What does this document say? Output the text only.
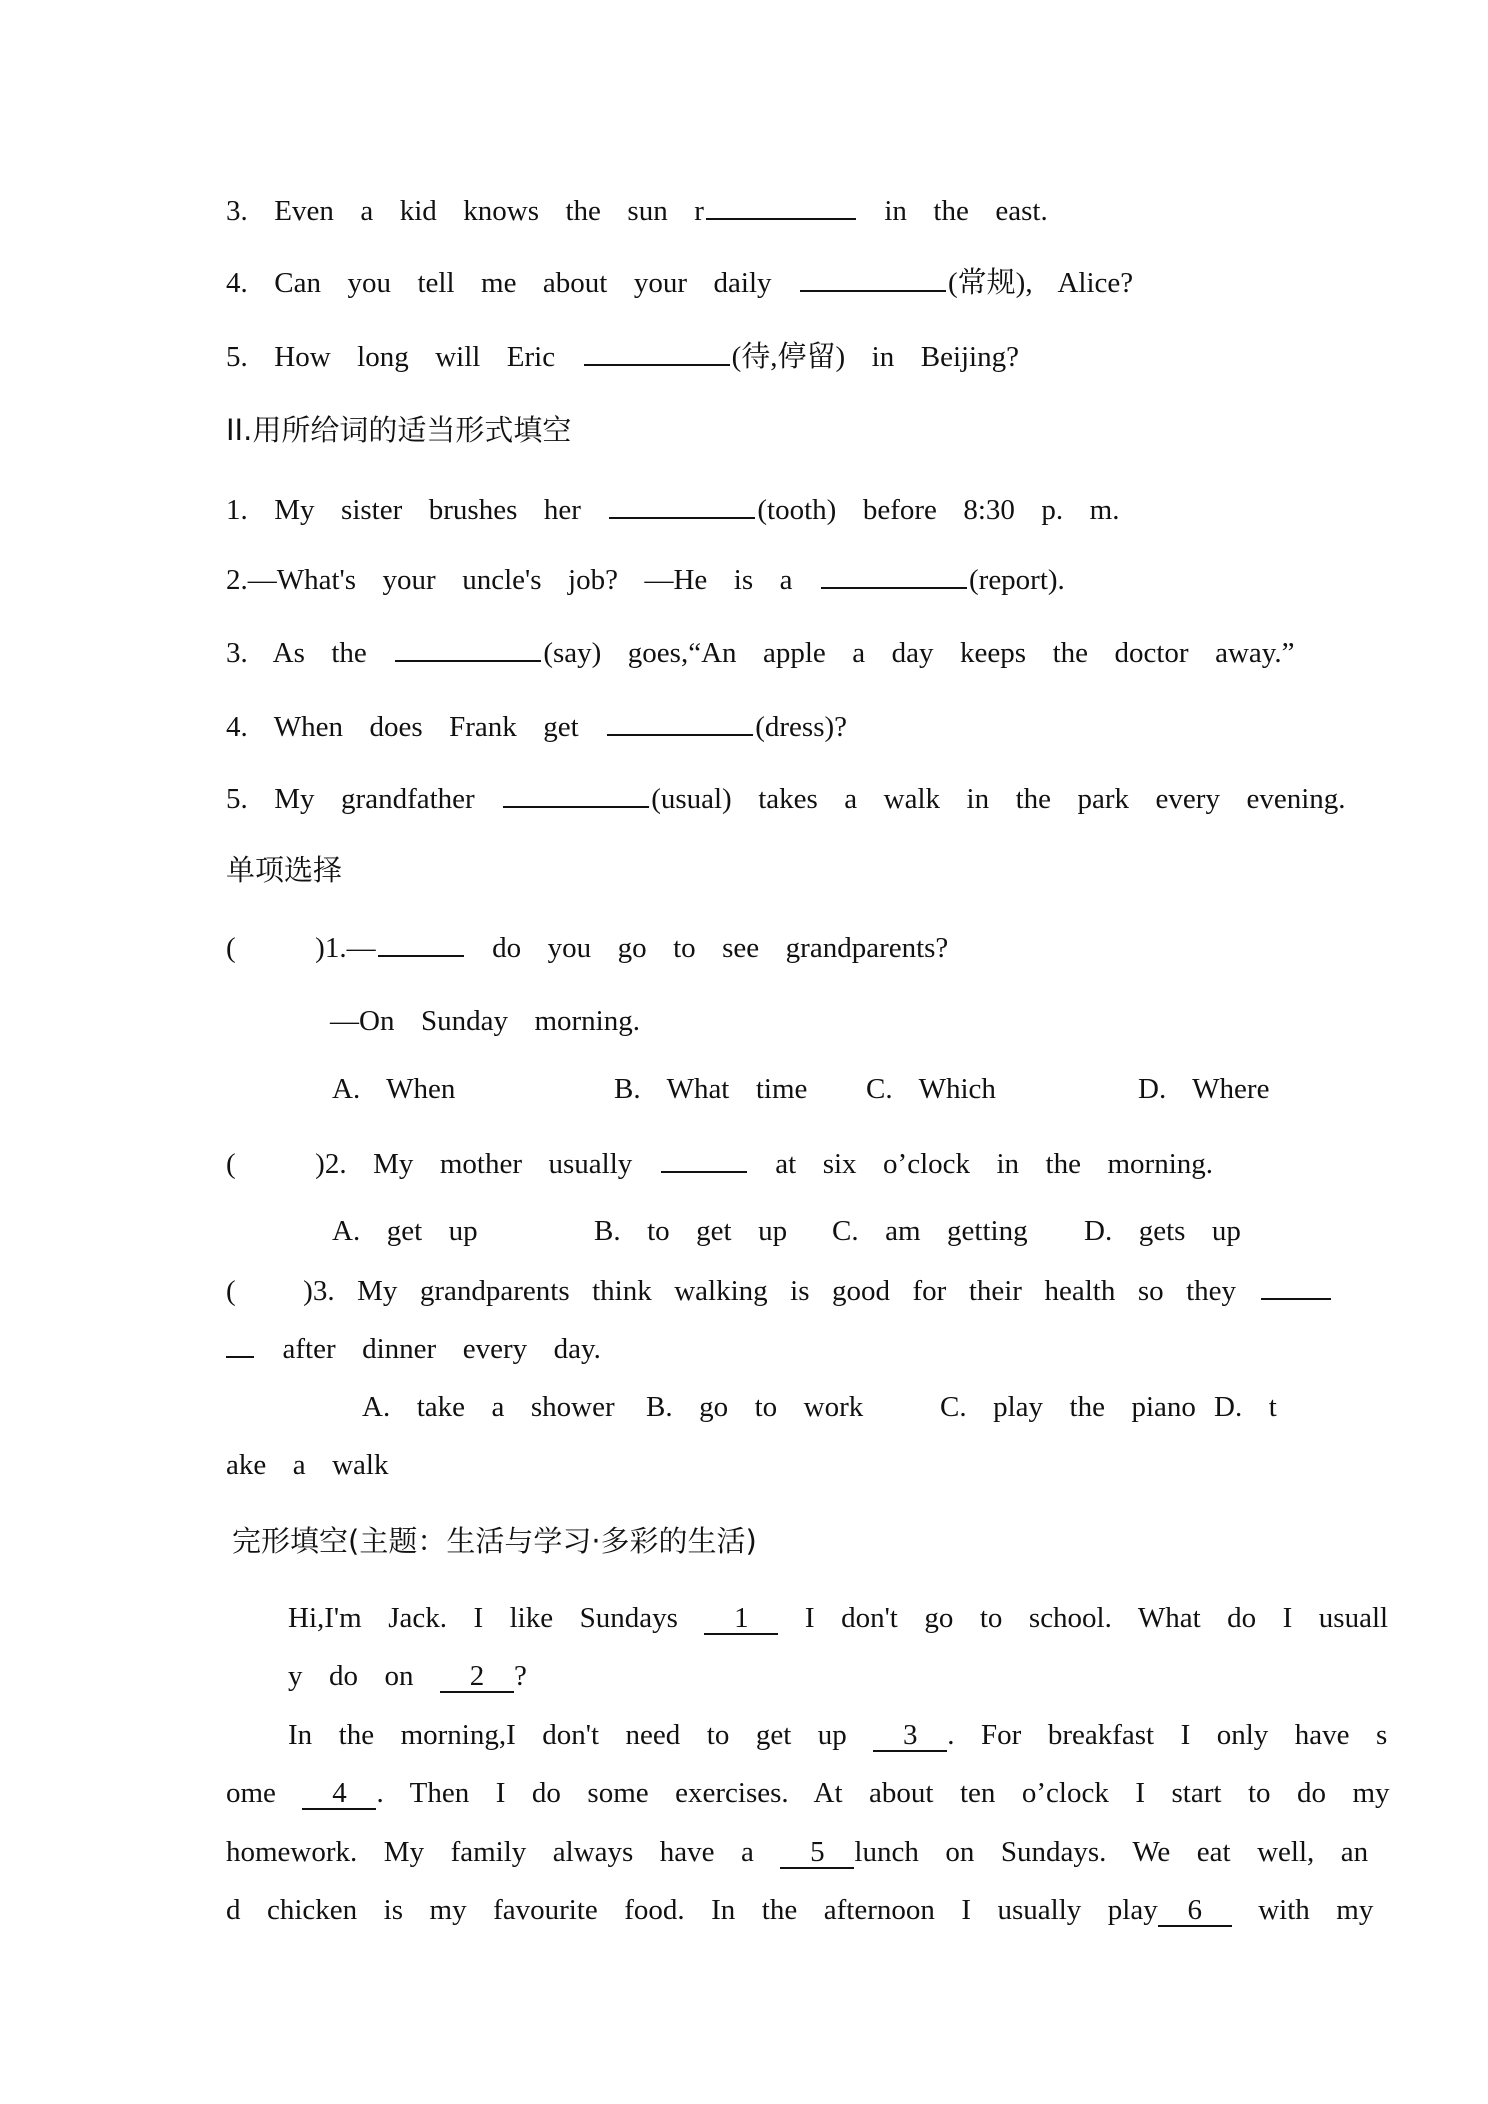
3.  Even  a  kid  knows  the  sun  r	in  the  east.
4.  Can  you  tell  me  about  your  daily	(常规),  Alice?
5.  How  long  will  Eric	(待,停留)  in  Beijing?
II.用所给词的适当形式填空
1.  My  sister  brushes  her	(tooth)  before  8:30  p.  m.
2.—What's  your  uncle's  job?  —He  is  a	(report).
3.  As  the	(say)  goes,“An  apple  a  day  keeps  the  doctor  away.”
4.  When  does  Frank  get	(dress)?
5.  My  grandfather	(usual)  takes  a  walk  in  the  park  every  evening.
单项选择
(      )1.—	do  you  go  to  see  grandparents?
—On  Sunday  morning.
A.  When	B.  What  time C.  Which	D.  Where
(      )2.  My  mother  usually	at  six  o’clock  in  the  morning.
A.  get  up	B.  to  get  up C.  am  getting D.  gets  up
(      )3.  My  grandparents  think  walking  is  good  for  their  health  so  they
after  dinner  every  day.
A.  take  a  shower B.  go  to  work	C.  play  the  piano D.  t
ake  a  walk
完形填空(主题：生活与学习·多彩的生活)
Hi,I'm  Jack.  I  like  Sundays  1  I  don't  go  to  school.  What  do  I  usuall
y  do  on  2 ?
In  the  morning,I  don't  need  to  get  up  3 .  For  breakfast  I  only  have  s
ome  4 .  Then  I  do  some  exercises.  At  about  ten  o’clock  I  start  to  do  my
homework.  My  family  always  have  a  5 lunch  on  Sundays.  We  eat  well,  an
d  chicken  is  my  favourite  food.  In  the  afternoon  I  usually  play 6  with  my
